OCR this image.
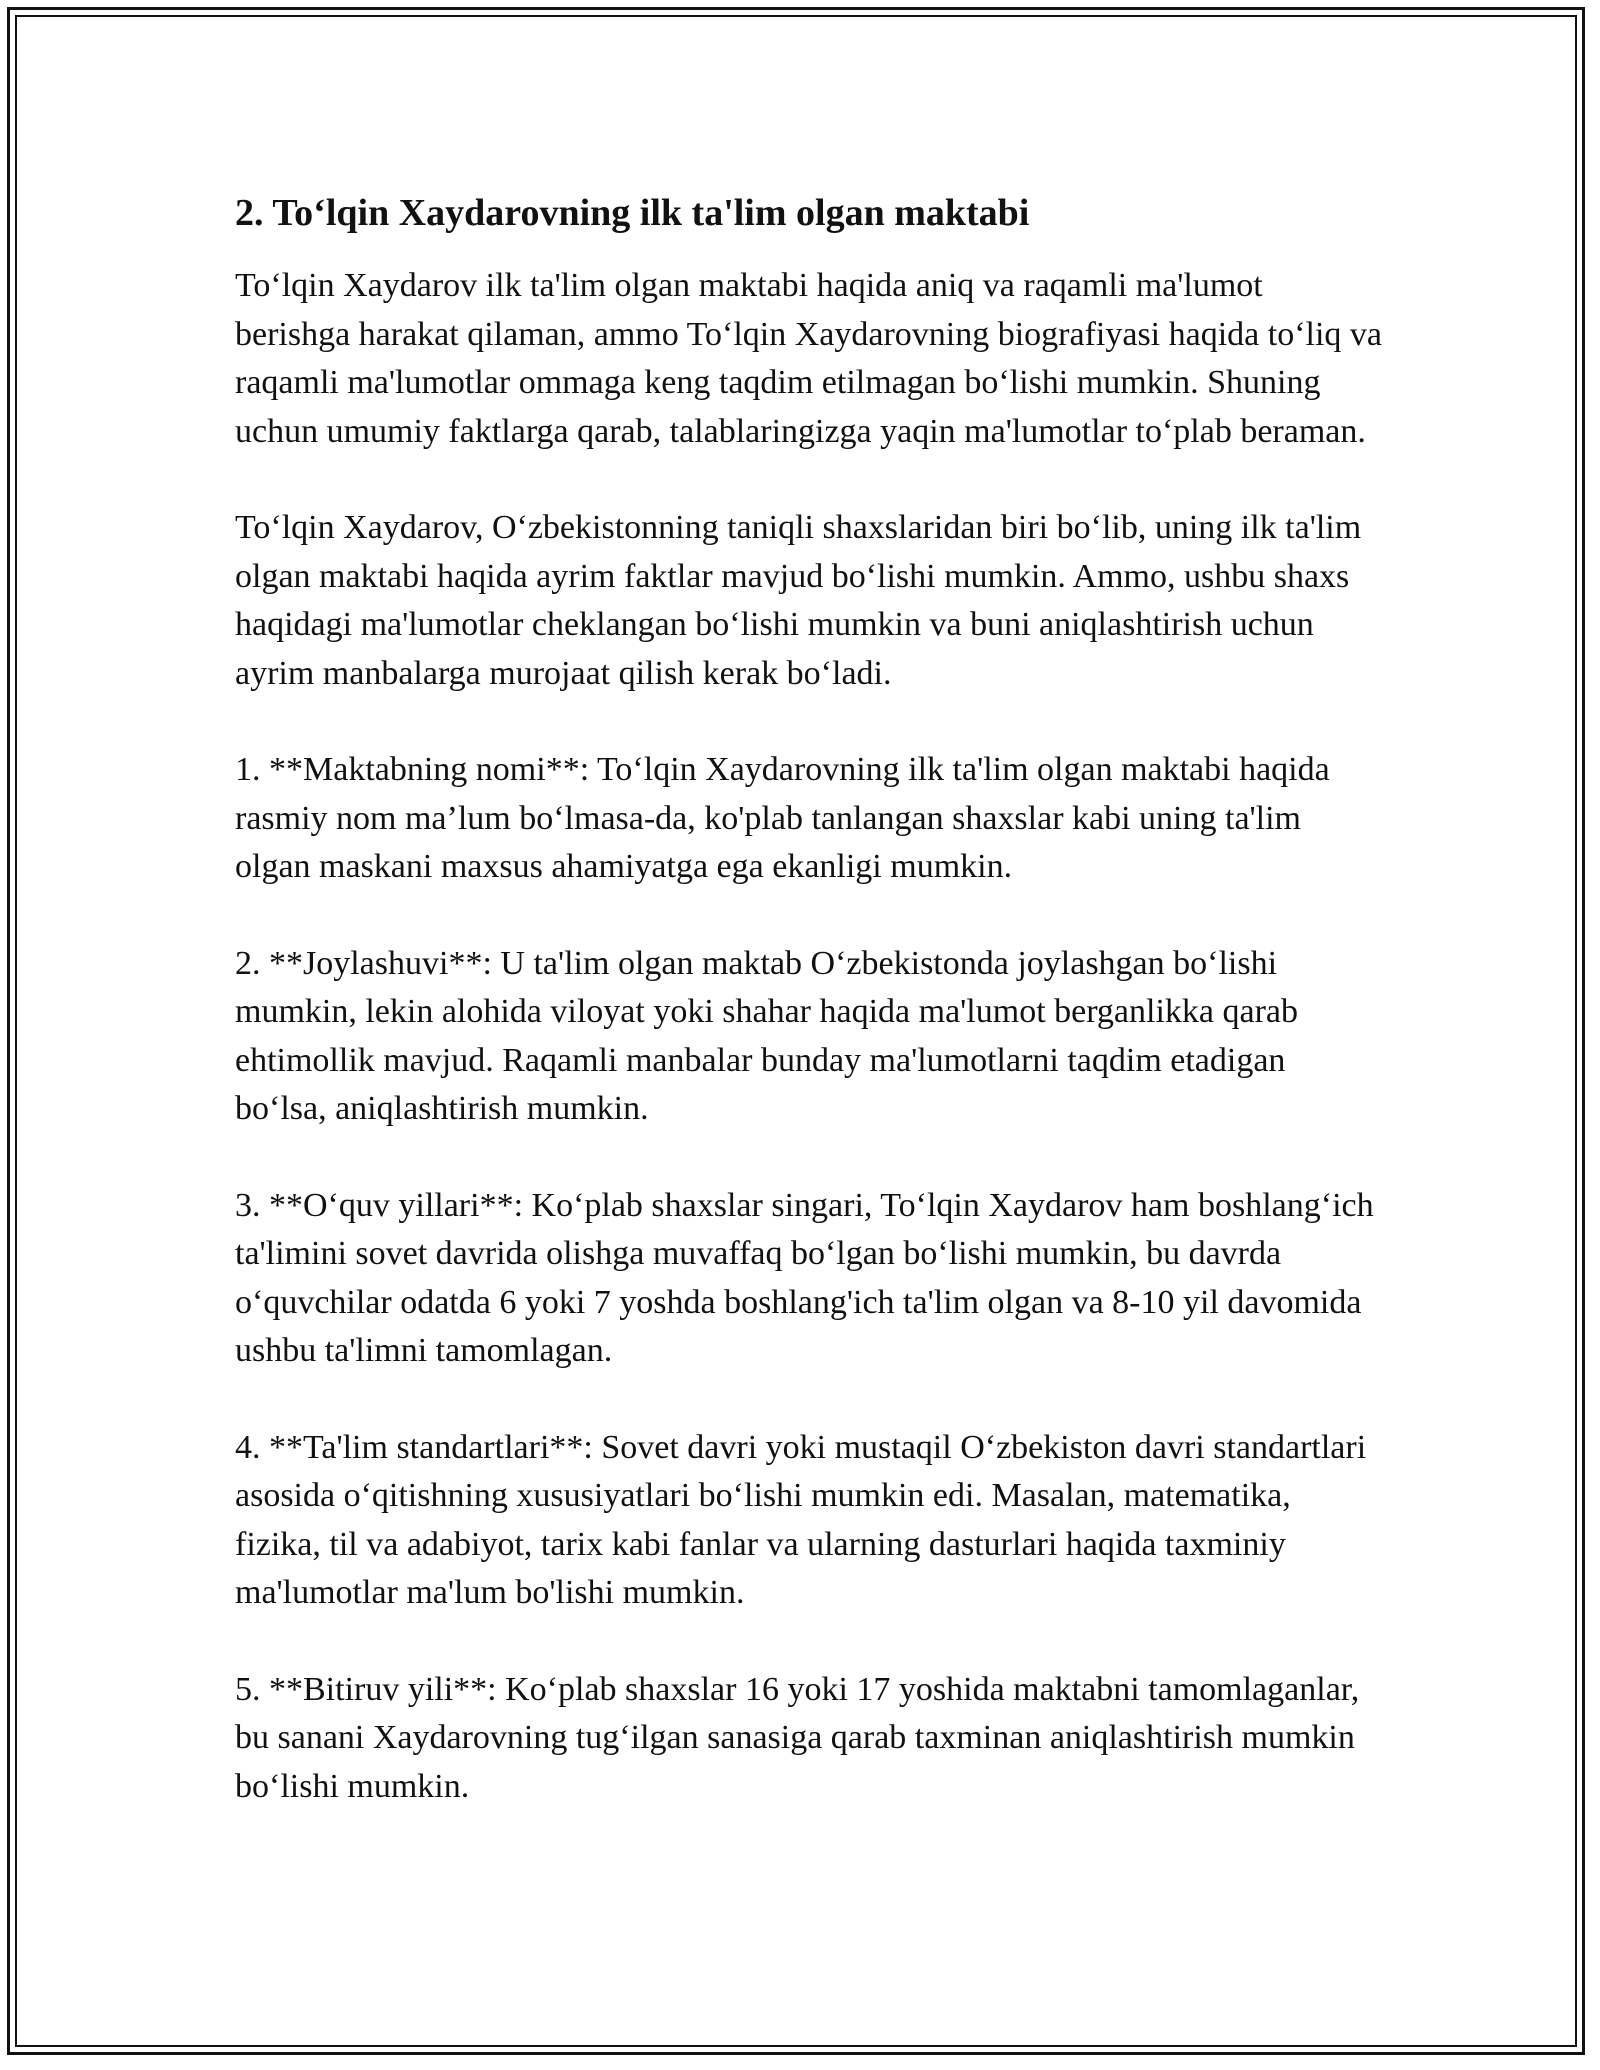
2. To‘lqin Xaydarovning ilk ta'lim olgan maktabi

To‘lqin Xaydarov ilk ta'lim olgan maktabi haqida aniq va raqamli ma'lumot berishga harakat qilaman, ammo To‘lqin Xaydarovning biografiyasi haqida to‘liq va raqamli ma'lumotlar ommaga keng taqdim etilmagan bo‘lishi mumkin. Shuning uchun umumiy faktlarga qarab, talablaringizga yaqin ma'lumotlar to‘plab beraman.

To‘lqin Xaydarov, O‘zbekistonning taniqli shaxslaridan biri bo‘lib, uning ilk ta'lim olgan maktabi haqida ayrim faktlar mavjud bo‘lishi mumkin. Ammo, ushbu shaxs haqidagi ma'lumotlar cheklangan bo‘lishi mumkin va buni aniqlashtirish uchun ayrim manbalarga murojaat qilish kerak bo‘ladi.

1. **Maktabning nomi**: To‘lqin Xaydarovning ilk ta'lim olgan maktabi haqida rasmiy nom ma’lum bo‘lmasa-da, ko'plab tanlangan shaxslar kabi uning ta'lim olgan maskani maxsus ahamiyatga ega ekanligi mumkin.

2. **Joylashuvi**: U ta'lim olgan maktab O‘zbekistonda joylashgan bo‘lishi mumkin, lekin alohida viloyat yoki shahar haqida ma'lumot berganlikka qarab ehtimollik mavjud. Raqamli manbalar bunday ma'lumotlarni taqdim etadigan bo‘lsa, aniqlashtirish mumkin.

3. **O‘quv yillari**: Ko‘plab shaxslar singari, To‘lqin Xaydarov ham boshlang‘ich ta'limini sovet davrida olishga muvaffaq bo‘lgan bo‘lishi mumkin, bu davrda o‘quvchilar odatda 6 yoki 7 yoshda boshlang'ich ta'lim olgan va 8-10 yil davomida ushbu ta'limni tamomlagan.

4. **Ta'lim standartlari**: Sovet davri yoki mustaqil O‘zbekiston davri standartlari asosida o‘qitishning xususiyatlari bo‘lishi mumkin edi. Masalan, matematika, fizika, til va adabiyot, tarix kabi fanlar va ularning dasturlari haqida taxminiy ma'lumotlar ma'lum bo'lishi mumkin.

5. **Bitiruv yili**: Ko‘plab shaxslar 16 yoki 17 yoshida maktabni tamomlaganlar, bu sanani Xaydarovning tug‘ilgan sanasiga qarab taxminan aniqlashtirish mumkin bo‘lishi mumkin.
